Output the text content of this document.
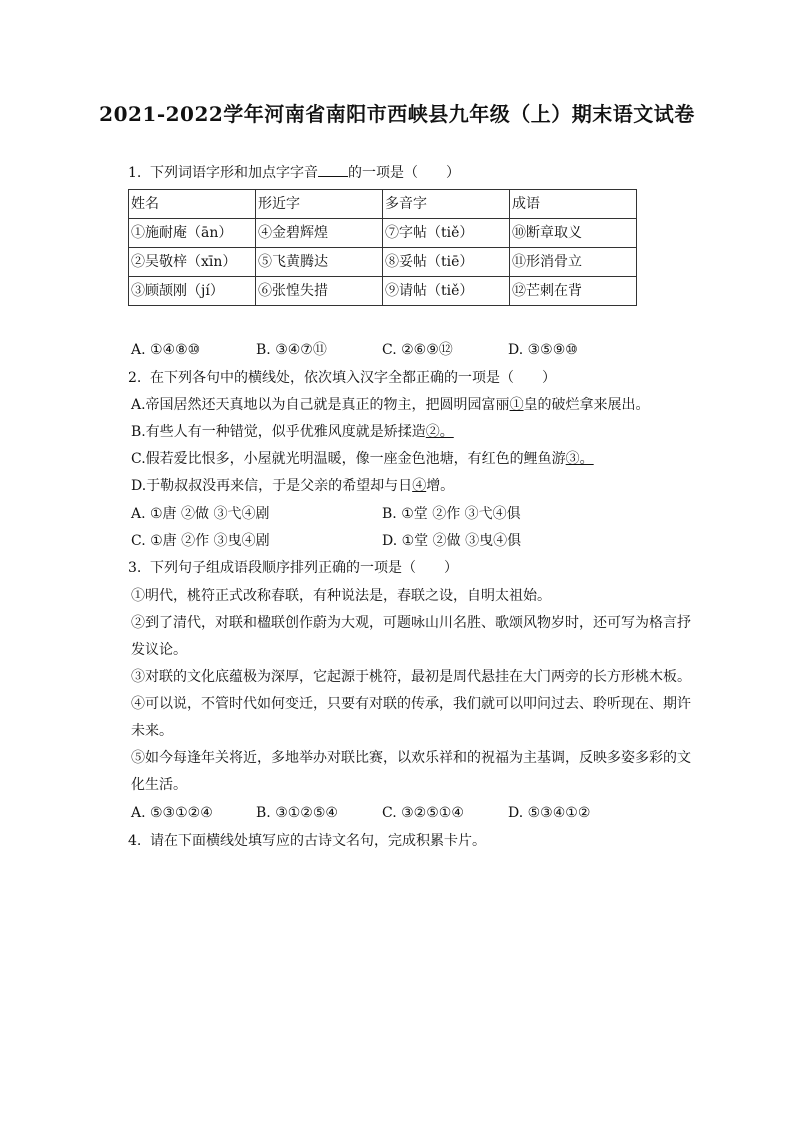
2021-2022学年河南省南阳市西峡县九年级（上）期末语文试卷
1. 下列词语字形和加点字字音 的一项是（　　）
姓名	形近字	多音字	成语
①施耐庵（ān）	④金碧辉煌	⑦字帖（tiě）	⑩断章取义
②吴敬梓（xīn）	⑤飞黄腾达	⑧妥帖（tiē）	⑪形消骨立
③顾颉刚（jí）	⑥张惶失措	⑨请帖（tiě）	⑫芒刺在背
A. ①④⑧⑩	B. ③④⑦⑪	C. ②⑥⑨⑫	D. ③⑤⑨⑩
2. 在下列各句中的横线处，依次填入汉字全都正确的一项是（　　）
A.帝国居然还天真地以为自己就是真正的物主，把圆明园富丽①皇的破烂拿来展出。
B.有些人有一种错觉，似乎优雅风度就是矫揉造②。
C.假若爱比恨多，小屋就光明温暖，像一座金色池塘，有红色的鲤鱼游③。
D.于勒叔叔没再来信，于是父亲的希望却与日④增。
A. ①唐 ②做 ③弋④剧	B. ①堂 ②作 ③弋④俱
C. ①唐 ②作 ③曳④剧	D. ①堂 ②做 ③曳④俱
3. 下列句子组成语段顺序排列正确的一项是（　　）
①明代，桃符正式改称春联，有种说法是，春联之设，自明太祖始。
②到了清代，对联和楹联创作蔚为大观，可题咏山川名胜、歌颂风物岁时，还可写为格言抒
发议论。
③对联的文化底蕴极为深厚，它起源于桃符，最初是周代悬挂在大门两旁的长方形桃木板。
④可以说，不管时代如何变迁，只要有对联的传承，我们就可以叩问过去、聆听现在、期许
未来。
⑤如今每逢年关将近，多地举办对联比赛，以欢乐祥和的祝福为主基调，反映多姿多彩的文
化生活。
A. ⑤③①②④	B. ③①②⑤④	C. ③②⑤①④	D. ⑤③④①②
4. 请在下面横线处填写应的古诗文名句，完成积累卡片。
